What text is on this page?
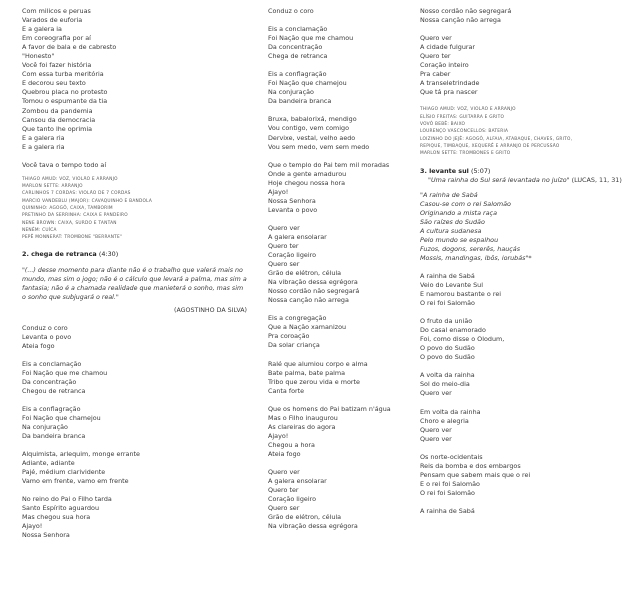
Com milicos e peruas
Varados de euforia
E a galera ia
Em coreografia por aí
A favor de bala e de cabresto
"Honesto"
Você foi fazer história
Com essa turba meritória
E decorou seu texto
Quebrou placa no protesto
Tomou o espumante da tia
Zombou da pandemia
Cansou da democracia
Que tanto lhe oprimia
E a galera ria
E a galera ria
Você tava o tempo todo aí
THIAGO AMUD: VOZ, VIOLÃO E ARRANJO
MARLON SETTE: ARRANJO
CARLINHOS 7 CORDAS: VIOLÃO DE 7 CORDAS
MARCIO VANDEBLU (MAJOR): CAVAQUINHO E BANDOLA
QUININHO: AGOGÔ, CAIXA, TAMBORIM
PRETINHO DA SERRINHA: CAIXA E PANDEIRO
NENE BROWN: CAIXA, SURDO E TANTAN
NENÉM: CUÍCA
PEPÊ MONNERAT: TROMBONE "BERRANTE"
2. chega de retranca (4:30)
"(...) desse momento para diante não é o trabalho que valerá mais no mundo, mas sim o jogo; não é o cálculo que levará a palma, mas sim a fantasia; não é a chamada realidade que manieterá o sonho, mas sim o sonho que subjugará o real."
(AGOSTINHO DA SILVA)
Conduz o coro
Levanta o povo
Ateia fogo
Eis a conclamação
Foi Nação que me chamou
Da concentração
Chegou de retranca
Eis a conflagração
Foi Nação que chamejou
Na conjuração
Da bandeira branca
Alquimista, arlequim, monge errante
Adiante, adiante
Pajé, médium clarividente
Vamo em frente, vamo em frente
No reino do Pai o Filho tarda
Santo Espírito aguardou
Mas chegou sua hora
Ajayo!
Nossa Senhora
Conduz o coro
Eis a conclamação
Foi Nação que me chamou
Da concentração
Chega de retranca
Eis a conflagração
Foi Nação que chamejou
Na conjuração
Da bandeira branca
Bruxa, babalorixá, mendigo
Vou contigo, vem comigo
Dervixe, vestal, velho aedo
Vou sem medo, vem sem medo
Que o templo do Pai tem mil moradas
Onde a gente amadurou
Hoje chegou nossa hora
Ajayo!
Nossa Senhora
Levanta o povo
Quero ver
A galera ensolarar
Quero ter
Coração ligeiro
Quero ser
Grão de elétron, célula
Na vibração dessa egrégora
Nosso cordão não segregará
Nossa canção não arrega
Eis a congregação
Que a Nação xamanizou
Pra coroação
Da solar criança
Ralé que alumiou corpo e alma
Bate palma, bate palma
Tribo que zerou vida e morte
Canta forte
Que os homens do Pai batizam n'água
Mas o Filho inaugurou
As clareiras do agora
Ajayo!
Chegou a hora
Ateia fogo
Quero ver
A galera ensolarar
Quero ter
Coração ligeiro
Quero ser
Grão de elétron, célula
Na vibração dessa egrégora
Nosso cordão não segregará
Nossa canção não arrega
Quero ver
A cidade fulgurar
Quero ter
Coração inteiro
Pra caber
A transeletrindade
Que tá pra nascer
THIAGO AMUD: VOZ, VIOLÃO E ARRANJO
ELÍSIO FREITAS: GUITARRA E GRITO
VOVÔ BEBÊ: BAIXO
LOURENÇO VASCONCELLOS: BATERIA
LOIZINHO DO JEJÊ: AGOGÔ, ALFAIA, ATABAQUE, CHAVES, GRITO,
REPIQUE, TIMBAQUE, XEQUERÊ E ARRANJO DE PERCUSSÃO
MARLON SETTE: TROMBONES E GRITO
3. levante sul (5:07)
"Uma rainha do Sul será levantada no juízo" (LUCAS, 11, 31)
"A rainha de Sabá
Casou-se com o rei Salomão
Originando a mista raça
São raízes do Sudão
A cultura sudanesa
Pelo mundo se espalhou
Fuzos, dogons, sererês, hauçás
Mossis, mandingas, ibôs, iorubás"*
A rainha de Sabá
Veio do Levante Sul
E namorou bastante o rei
O rei foi Salomão
O fruto da união
Do casal enamorado
Foi, como disse o Olodum,
O povo do Sudão
O povo do Sudão
A volta da rainha
Sol do meio-dia
Quero ver
Em volta da rainha
Choro e alegria
Quero ver
Quero ver
Os norte-ocidentais
Reis da bomba e dos embargos
Pensam que sabem mais que o rei
E o rei foi Salomão
O rei foi Salomão
A rainha de Sabá
